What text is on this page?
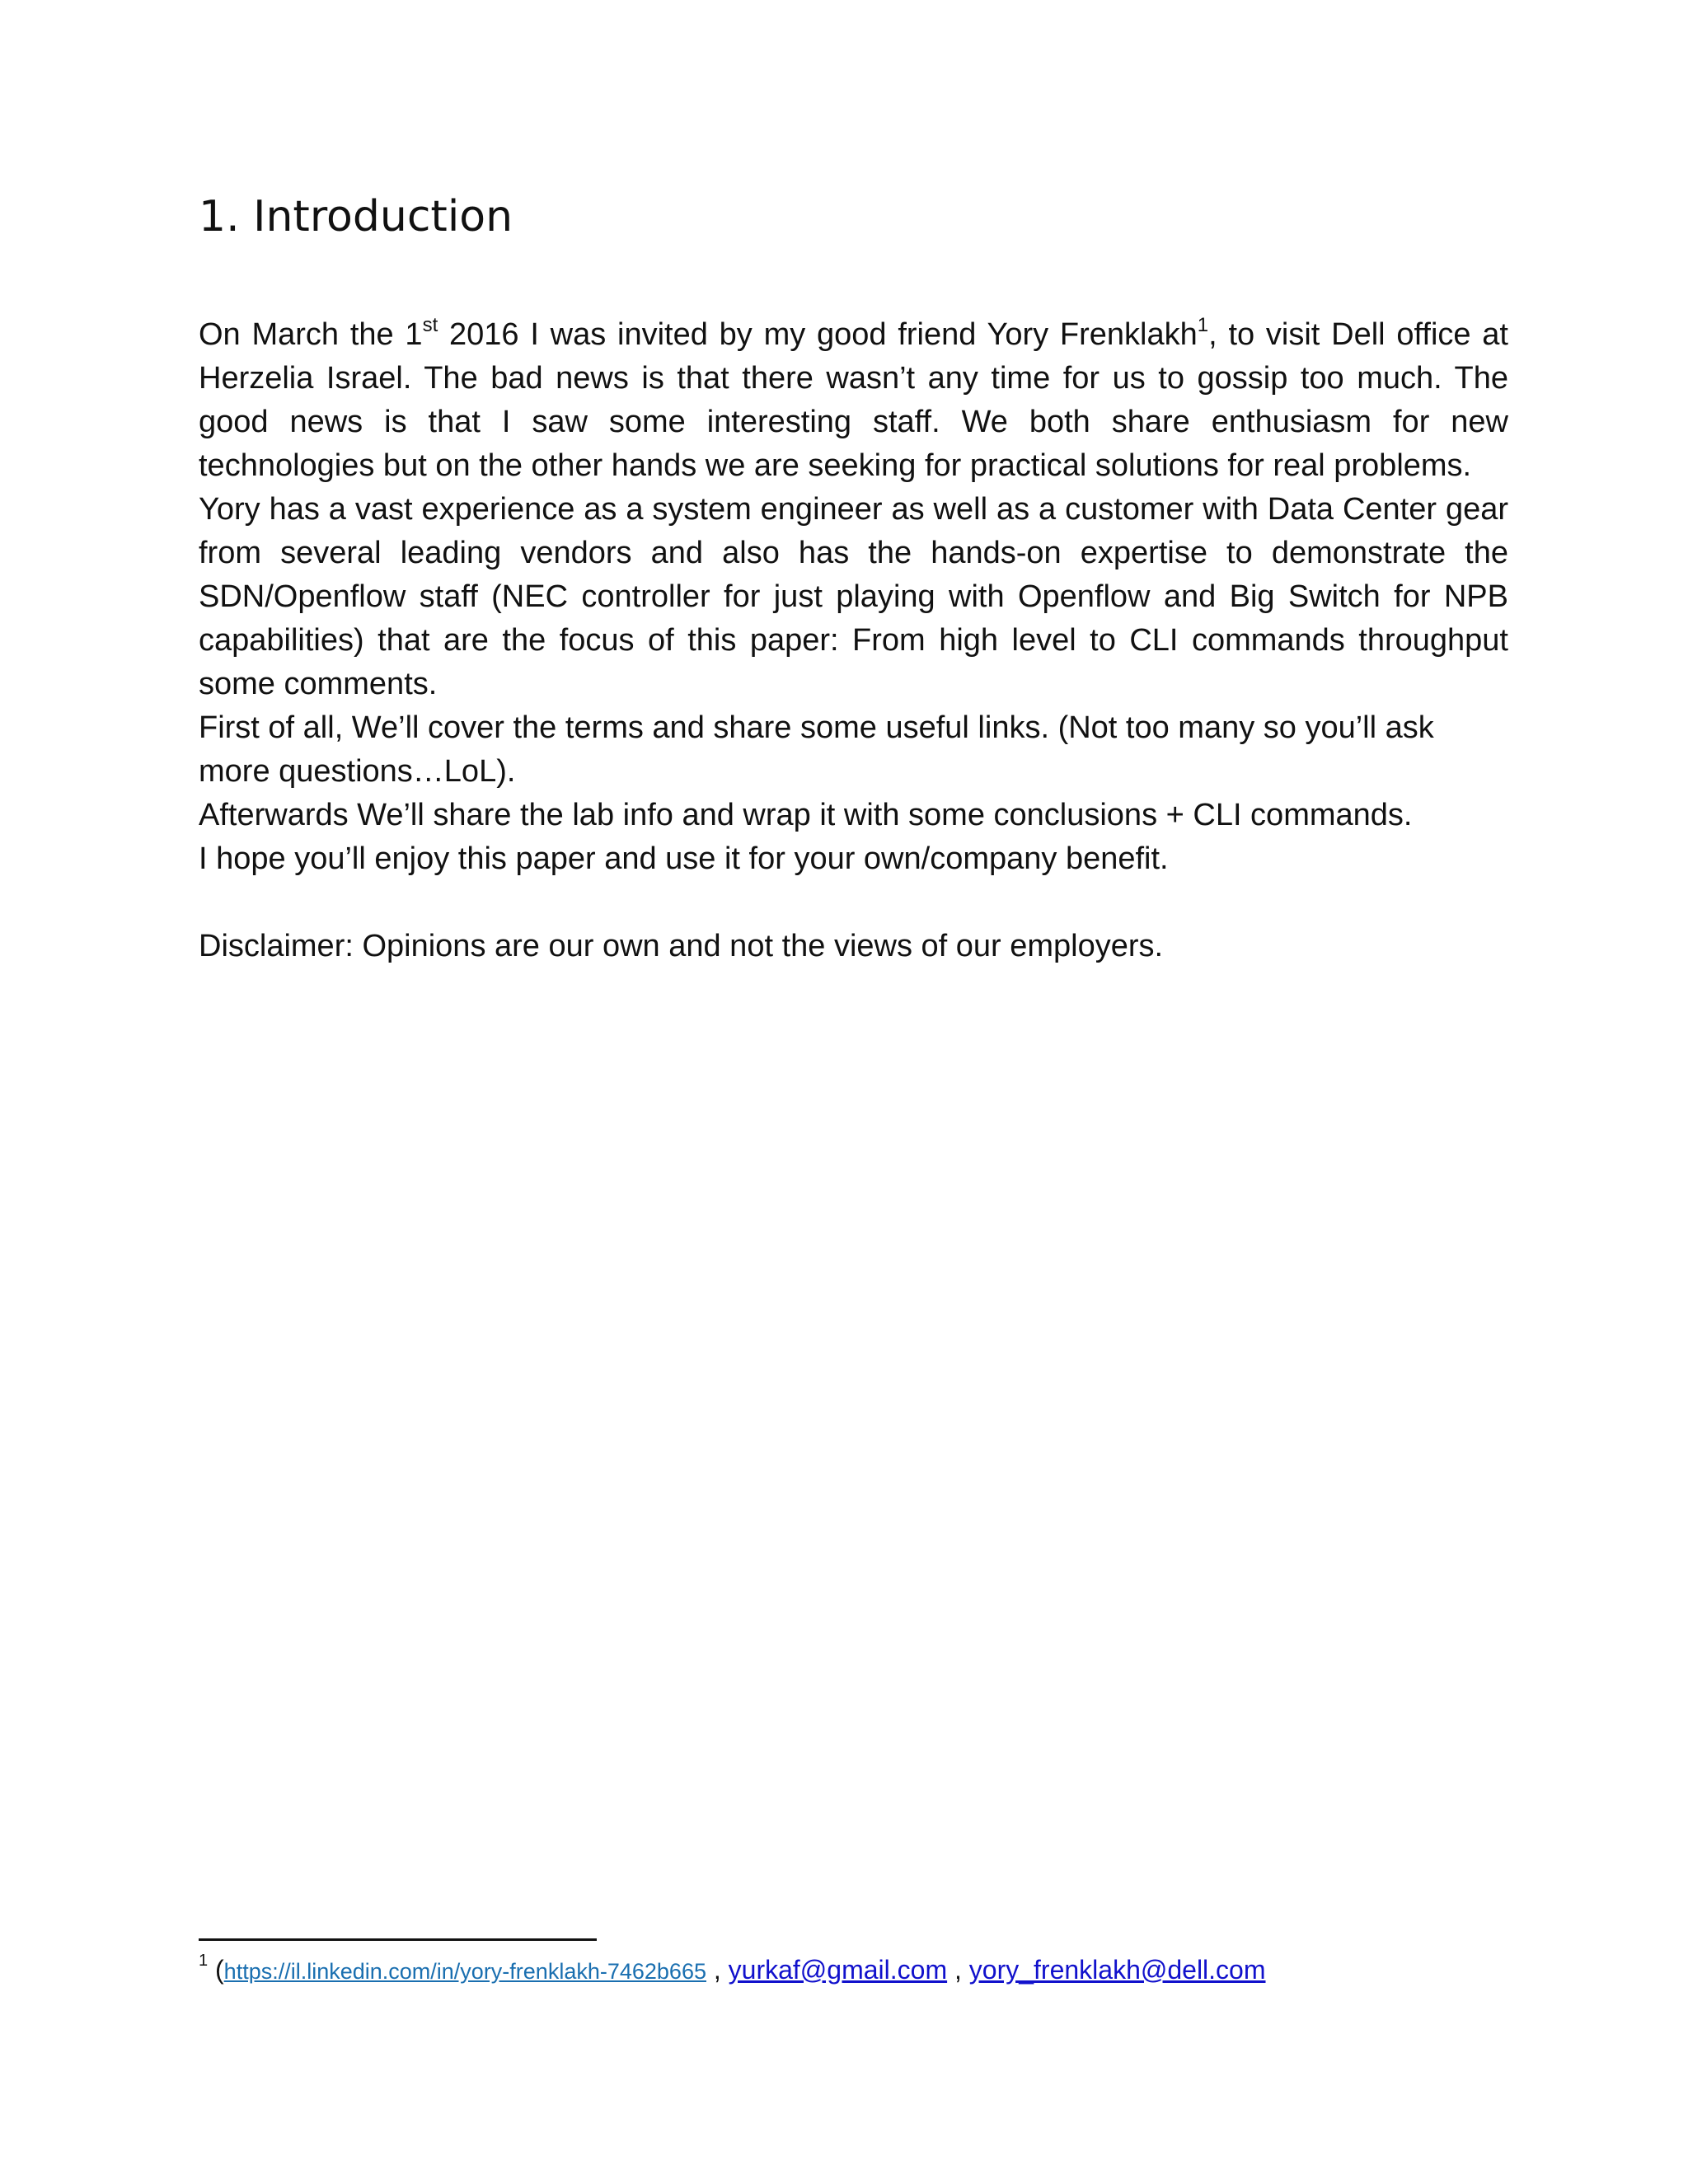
1. Introduction

On March the 1st 2016 I was invited by my good friend Yory Frenklakh$^1$, to visit Dell office at Herzelia Israel. The bad news is that there wasn’t any time for us to gossip too much. The good news is that I saw some interesting staff. We both share enthusiasm for new technologies but on the other hands we are seeking for practical solutions for real problems.

Yory has a vast experience as a system engineer as well as a customer with Data Center gear from several leading vendors and also has the hands-on expertise to demonstrate the SDN/Openflow staff (NEC controller for just playing with Openflow and Big Switch for NPB capabilities) that are the focus of this paper: From high level to CLI commands throughput some comments.

First of all, We’ll cover the terms and share some useful links. (Not too many so you’ll ask more questions…LoL).

Afterwards We’ll share the lab info and wrap it with some conclusions + CLI commands.

I hope you’ll enjoy this paper and use it for your own/company benefit.

Disclaimer: Opinions are our own and not the views of our employers.

$^1$ (https://il.linkedin.com/in/yory-frenklakh-7462b665 , yurkaf@gmail.com , yory_frenklakh@dell.com
